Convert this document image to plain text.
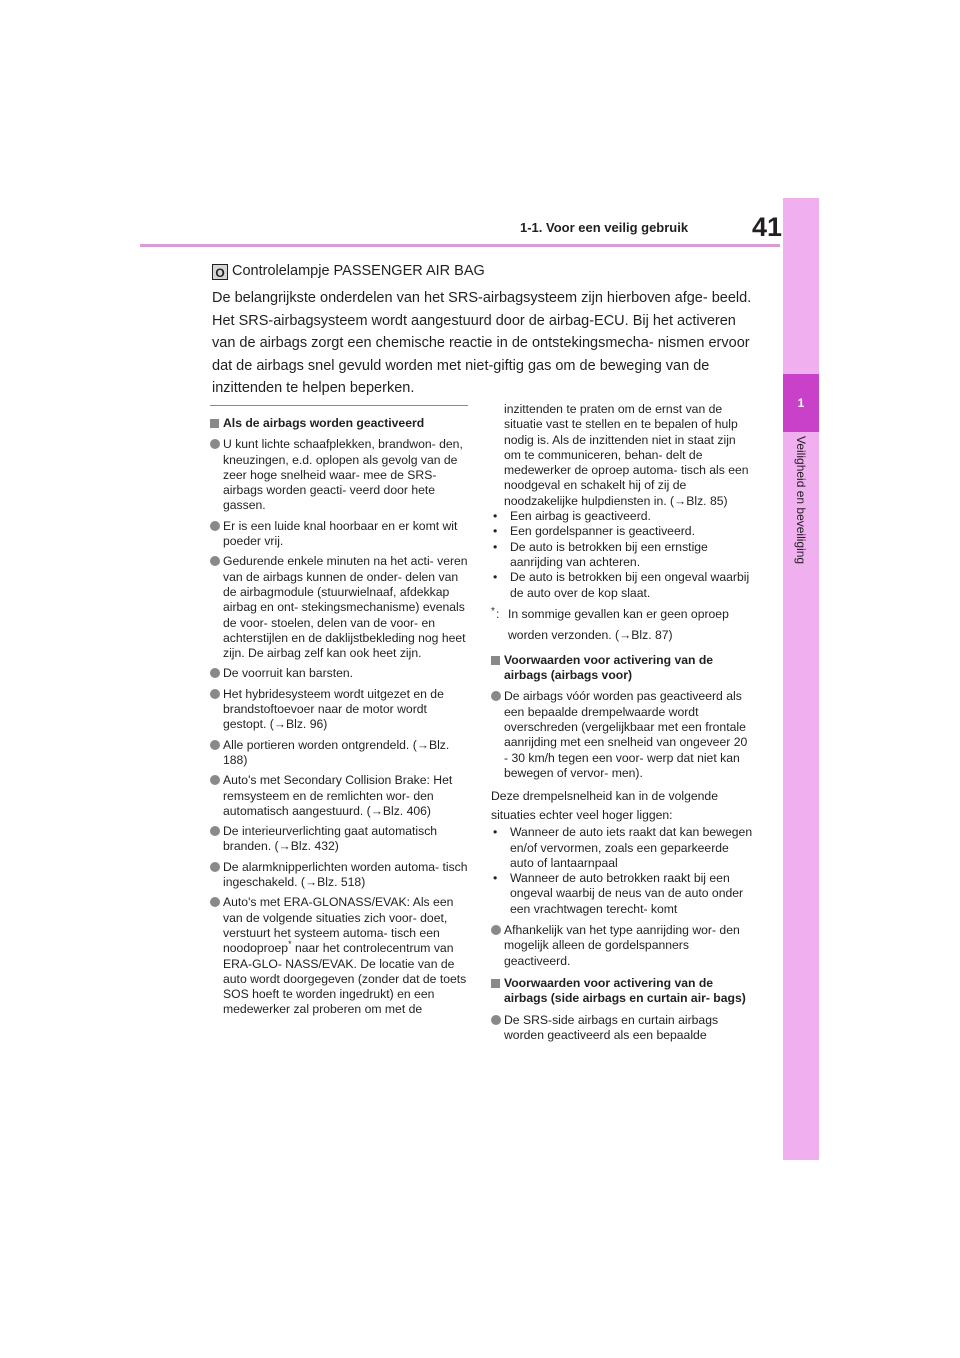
1-1. Voor een veilig gebruik	41
1
Veiligheid en beveiliging
O Controlelampje PASSENGER AIR BAG

De belangrijkste onderdelen van het SRS-airbagsysteem zijn hierboven afge- beeld. Het SRS-airbagsysteem wordt aangestuurd door de airbag-ECU. Bij het activeren van de airbags zorgt een chemische reactie in de ontstekingsmecha- nismen ervoor dat de airbags snel gevuld worden met niet-giftig gas om de beweging van de inzittenden te helpen beperken.

Als de airbags worden geactiveerd
U kunt lichte schaafplekken, brandwon- den, kneuzingen, e.d. oplopen als gevolg van de zeer hoge snelheid waar- mee de SRS-airbags worden geacti- veerd door hete gassen.
Er is een luide knal hoorbaar en er komt wit poeder vrij.
Gedurende enkele minuten na het acti- veren van de airbags kunnen de onder- delen van de airbagmodule (stuurwielnaaf, afdekkap airbag en ont- stekingsmechanisme) evenals de voor- stoelen, delen van de voor- en achterstijlen en de daklijstbekleding nog heet zijn. De airbag zelf kan ook heet zijn.
De voorruit kan barsten.
Het hybridesysteem wordt uitgezet en de brandstoftoevoer naar de motor wordt gestopt. (→Blz. 96)
Alle portieren worden ontgrendeld. (→Blz. 188)
Auto's met Secondary Collision Brake: Het remsysteem en de remlichten wor- den automatisch aangestuurd. (→Blz. 406)
De interieurverlichting gaat automatisch branden. (→Blz. 432)
De alarmknipperlichten worden automa- tisch ingeschakeld. (→Blz. 518)
Auto's met ERA-GLONASS/EVAK: Als een van de volgende situaties zich voor- doet, verstuurt het systeem automa- tisch een noodoproep* naar het controlecentrum van ERA-GLO- NASS/EVAK. De locatie van de auto wordt doorgegeven (zonder dat de toets SOS hoeft te worden ingedrukt) en een medewerker zal proberen om met de

inzittenden te praten om de ernst van de situatie vast te stellen en te bepalen of hulp nodig is. Als de inzittenden niet in staat zijn om te communiceren, behan- delt de medewerker de oproep automa- tisch als een noodgeval en schakelt hij of zij de noodzakelijke hulpdiensten in. (→Blz. 85)

• Een airbag is geactiveerd.
• Een gordelspanner is geactiveerd.
• De auto is betrokken bij een ernstige aanrijding van achteren.
• De auto is betrokken bij een ongeval waarbij de auto over de kop slaat.
* : In sommige gevallen kan er geen oproep worden verzonden. (→Blz. 87)
Voorwaarden voor activering van de airbags (airbags voor)
De airbags vóór worden pas geactiveerd als een bepaalde drempelwaarde wordt overschreden (vergelijkbaar met een frontale aanrijding met een snelheid van ongeveer 20 - 30 km/h tegen een voor- werp dat niet kan bewegen of vervor- men).
Deze drempelsnelheid kan in de volgende situaties echter veel hoger liggen:
• Wanneer de auto iets raakt dat kan bewegen en/of vervormen, zoals een geparkeerde auto of lantaarnpaal
• Wanneer de auto betrokken raakt bij een ongeval waarbij de neus van de auto onder een vrachtwagen terecht- komt
Afhankelijk van het type aanrijding wor- den mogelijk alleen de gordelspanners geactiveerd.
Voorwaarden voor activering van de airbags (side airbags en curtain air- bags)
De SRS-side airbags en curtain airbags worden geactiveerd als een bepaalde
